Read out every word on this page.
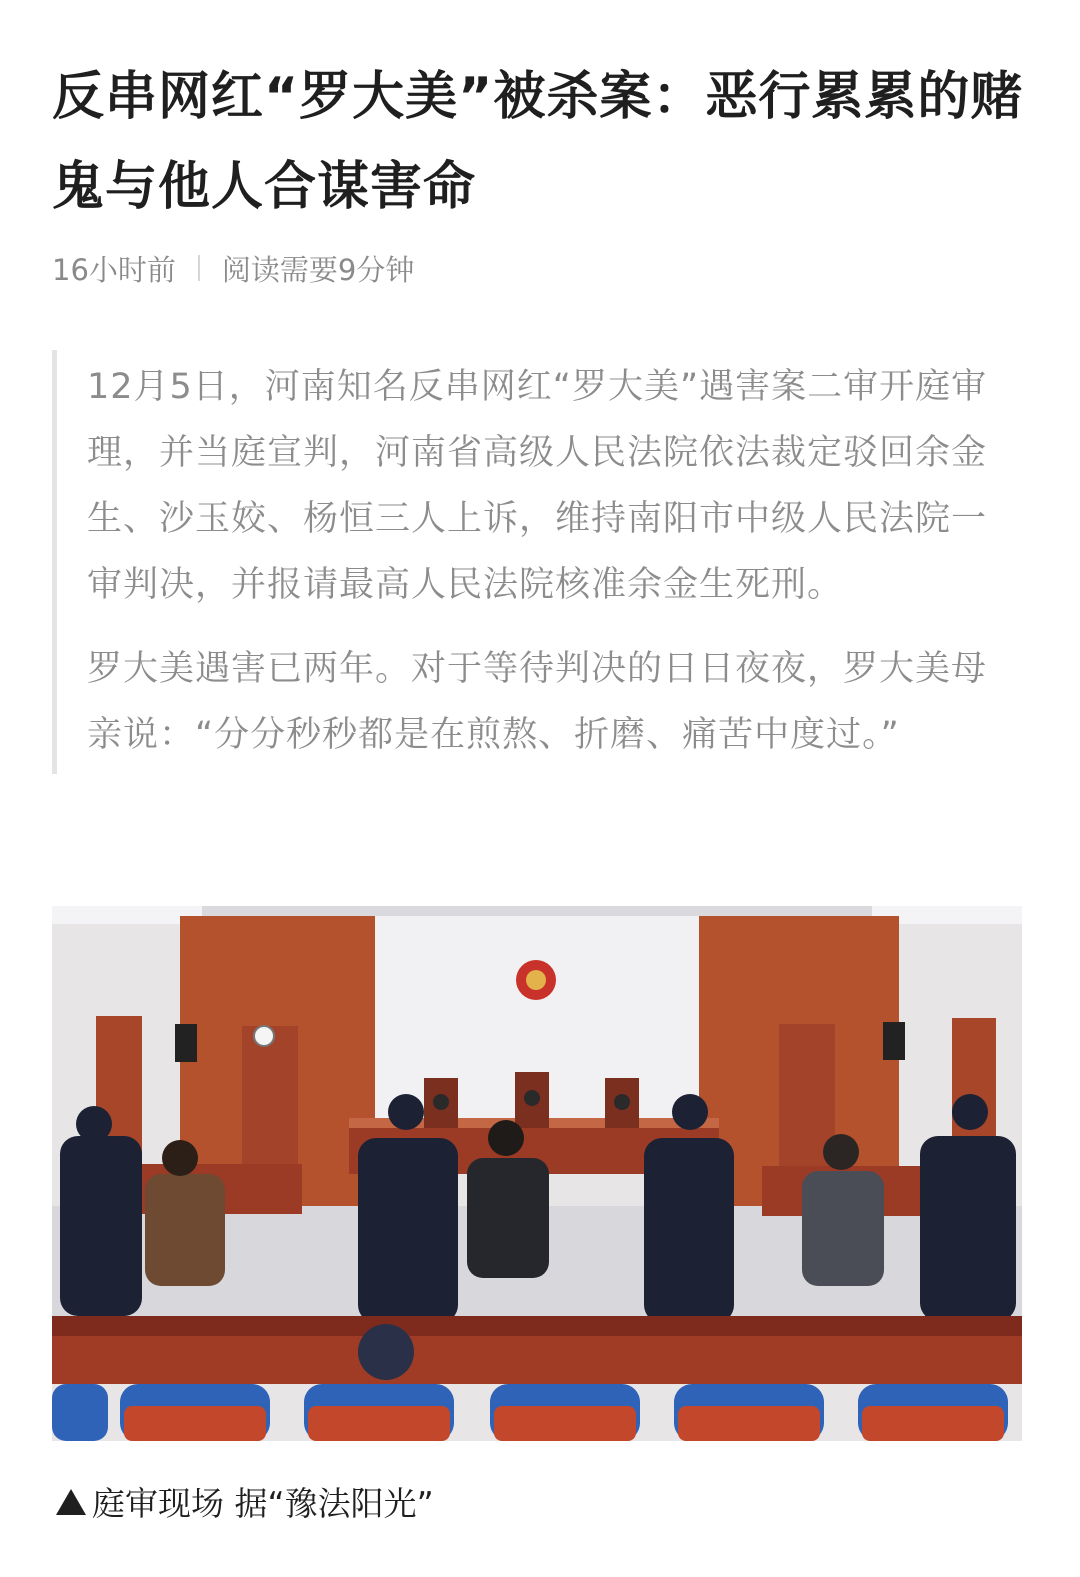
反串网红“罗大美”被杀案：恶行累累的赌鬼与他人合谋害命
16小时前 阅读需要9分钟

12月5日，河南知名反串网红“罗大美”遇害案二审开庭审理，并当庭宣判，河南省高级人民法院依法裁定驳回余金生、沙玉姣、杨恒三人上诉，维持南阳市中级人民法院一审判决，并报请最高人民法院核准余金生死刑。

罗大美遇害已两年。对于等待判决的日日夜夜，罗大美母亲说：“分分秒秒都是在煎熬、折磨、痛苦中度过。”

庭审现场 据“豫法阳光”
